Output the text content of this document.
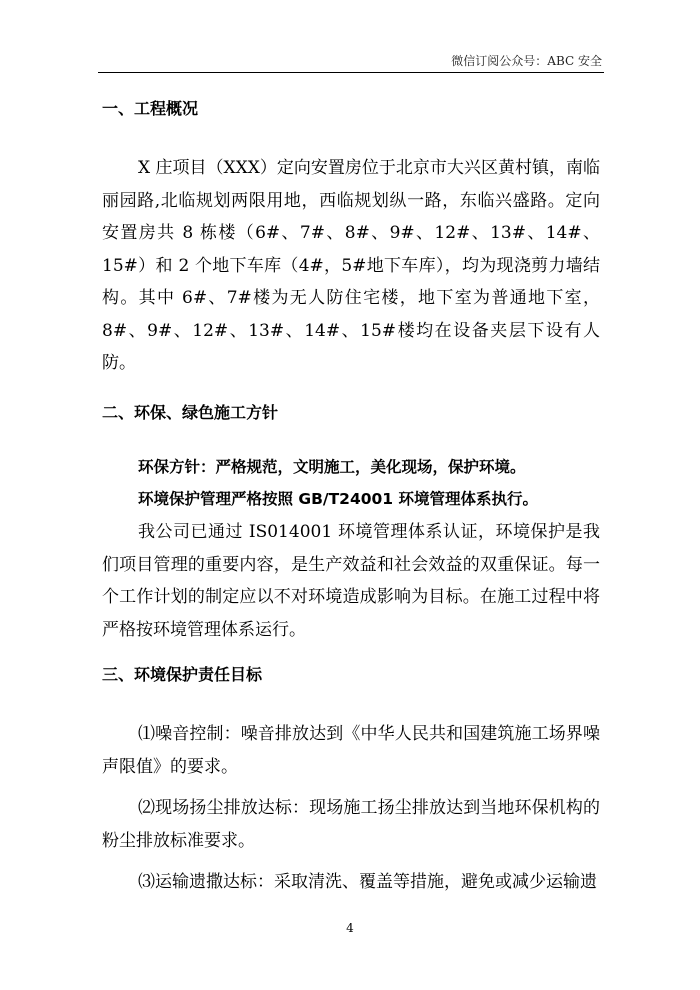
微信订阅公众号：ABC 安全
一、工程概况
X 庄项目（XXX）定向安置房位于北京市大兴区黄村镇，南临丽园路,北临规划两限用地，西临规划纵一路，东临兴盛路。定向安置房共 8 栋楼（6#、7#、8#、9#、12#、13#、14#、15#）和 2 个地下车库（4#，5#地下车库），均为现浇剪力墙结构。其中 6#、7#楼为无人防住宅楼，地下室为普通地下室，8#、9#、12#、13#、14#、15#楼均在设备夹层下设有人防。
二、环保、绿色施工方针
环保方针：严格规范，文明施工，美化现场，保护环境。
环境保护管理严格按照 GB/T24001 环境管理体系执行。
我公司已通过 IS014001 环境管理体系认证，环境保护是我们项目管理的重要内容，是生产效益和社会效益的双重保证。每一个工作计划的制定应以不对环境造成影响为目标。在施工过程中将严格按环境管理体系运行。
三、环境保护责任目标
⑴噪音控制：噪音排放达到《中华人民共和国建筑施工场界噪声限值》的要求。
⑵现场扬尘排放达标：现场施工扬尘排放达到当地环保机构的粉尘排放标准要求。
⑶运输遗撒达标：采取清洗、覆盖等措施，避免或减少运输遗
4
